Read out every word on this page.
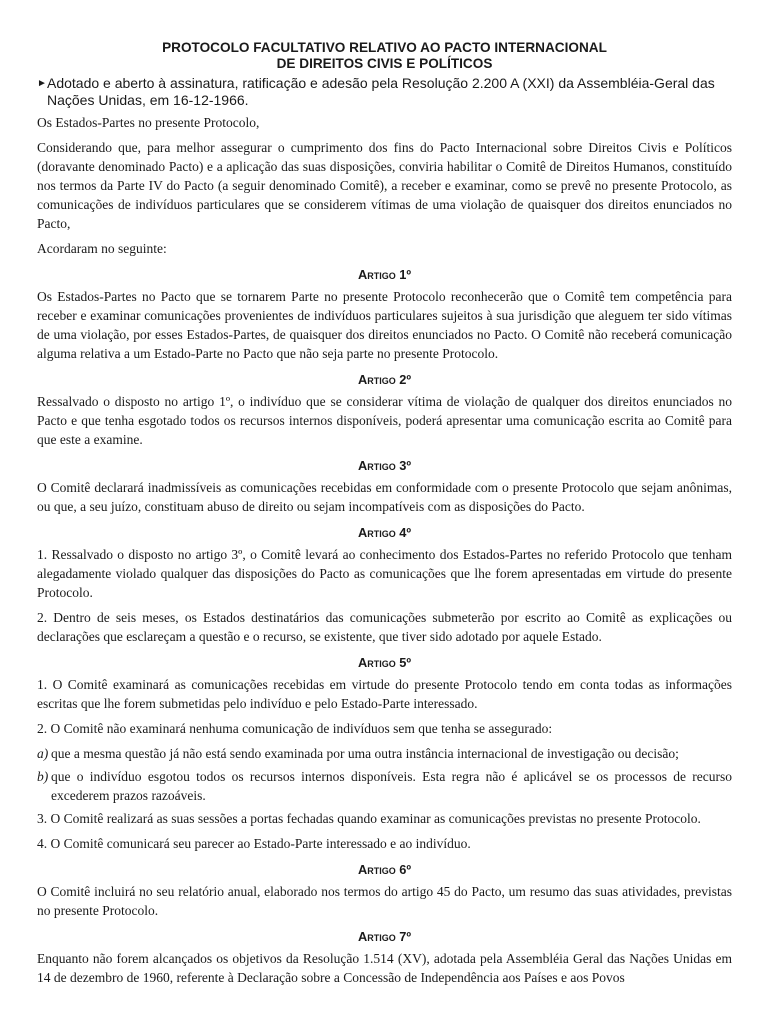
PROTOCOLO FACULTATIVO RELATIVO AO PACTO INTERNACIONAL
DE DIREITOS CIVIS E POLÍTICOS
► Adotado e aberto à assinatura, ratificação e adesão pela Resolução 2.200 A (XXI) da Assembléia-Geral das Nações Unidas, em 16-12-1966.

Os Estados-Partes no presente Protocolo,

Considerando que, para melhor assegurar o cumprimento dos fins do Pacto Internacional sobre Direitos Civis e Políticos (doravante denominado Pacto) e a aplicação das suas disposições, conviria habilitar o Comitê de Direitos Humanos, constituído nos termos da Parte IV do Pacto (a seguir denominado Comitê), a receber e examinar, como se prevê no presente Protocolo, as comunicações de indivíduos particulares que se considerem vítimas de uma violação de quaisquer dos direitos enunciados no Pacto,

Acordaram no seguinte:

Artigo 1º

Os Estados-Partes no Pacto que se tornarem Parte no presente Protocolo reconhecerão que o Comitê tem competência para receber e examinar comunicações provenientes de indivíduos particulares sujeitos à sua jurisdição que aleguem ter sido vítimas de uma violação, por esses Estados-Partes, de quaisquer dos direitos enunciados no Pacto. O Comitê não receberá comunicação alguma relativa a um Estado-Parte no Pacto que não seja parte no presente Protocolo.

Artigo 2º

Ressalvado o disposto no artigo 1º, o indivíduo que se considerar vítima de violação de qualquer dos direitos enunciados no Pacto e que tenha esgotado todos os recursos internos disponíveis, poderá apresentar uma comunicação escrita ao Comitê para que este a examine.

Artigo 3º

O Comitê declarará inadmissíveis as comunicações recebidas em conformidade com o presente Protocolo que sejam anônimas, ou que, a seu juízo, constituam abuso de direito ou sejam incompatíveis com as disposições do Pacto.

Artigo 4º

1. Ressalvado o disposto no artigo 3º, o Comitê levará ao conhecimento dos Estados-Partes no referido Protocolo que tenham alegadamente violado qualquer das disposições do Pacto as comunicações que lhe forem apresentadas em virtude do presente Protocolo.

2. Dentro de seis meses, os Estados destinatários das comunicações submeterão por escrito ao Comitê as explicações ou declarações que esclareçam a questão e o recurso, se existente, que tiver sido adotado por aquele Estado.

Artigo 5º

1. O Comitê examinará as comunicações recebidas em virtude do presente Protocolo tendo em conta todas as informações escritas que lhe forem submetidas pelo indivíduo e pelo Estado-Parte interessado.

2. O Comitê não examinará nenhuma comunicação de indivíduos sem que tenha se assegurado:

a) que a mesma questão já não está sendo examinada por uma outra instância internacional de investigação ou decisão;
b) que o indivíduo esgotou todos os recursos internos disponíveis. Esta regra não é aplicável se os processos de recurso excederem prazos razoáveis.

3. O Comitê realizará as suas sessões a portas fechadas quando examinar as comunicações previstas no presente Protocolo.

4. O Comitê comunicará seu parecer ao Estado-Parte interessado e ao indivíduo.

Artigo 6º

O Comitê incluirá no seu relatório anual, elaborado nos termos do artigo 45 do Pacto, um resumo das suas atividades, previstas no presente Protocolo.

Artigo 7º

Enquanto não forem alcançados os objetivos da Resolução 1.514 (XV), adotada pela Assembléia Geral das Nações Unidas em 14 de dezembro de 1960, referente à Declaração sobre a Concessão de Independência aos Países e aos Povos
